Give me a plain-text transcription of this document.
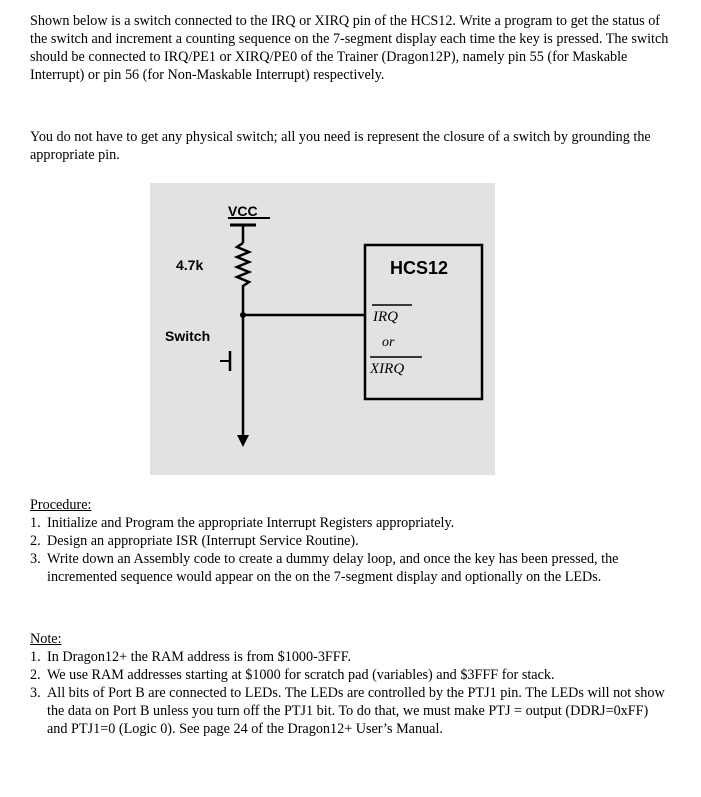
Shown below is a switch connected to the IRQ or XIRQ pin of the HCS12. Write a program to get the status of the switch and increment a counting sequence on the 7-segment display each time the key is pressed. The switch should be connected to IRQ/PE1 or XIRQ/PE0 of the Trainer (Dragon12P), namely pin 55 (for Maskable Interrupt) or pin 56 (for Non-Maskable Interrupt) respectively.

You do not have to get any physical switch; all you need is represent the closure of a switch by grounding the appropriate pin.

VCC
4.7k
Switch
HCS12
IRQ
or
XIRQ
Procedure:
1. Initialize and Program the appropriate Interrupt Registers appropriately.
2. Design an appropriate ISR (Interrupt Service Routine).
3. Write down an Assembly code to create a dummy delay loop, and once the key has been pressed, the incremented sequence would appear on the on the 7-segment display and optionally on the LEDs.
Note:
1. In Dragon12+ the RAM address is from $1000-3FFF.
2. We use RAM addresses starting at $1000 for scratch pad (variables) and $3FFF for stack.
3. All bits of Port B are connected to LEDs. The LEDs are controlled by the PTJ1 pin. The LEDs will not show the data on Port B unless you turn off the PTJ1 bit. To do that, we must make PTJ = output (DDRJ=0xFF) and PTJ1=0 (Logic 0). See page 24 of the Dragon12+ User’s Manual.
